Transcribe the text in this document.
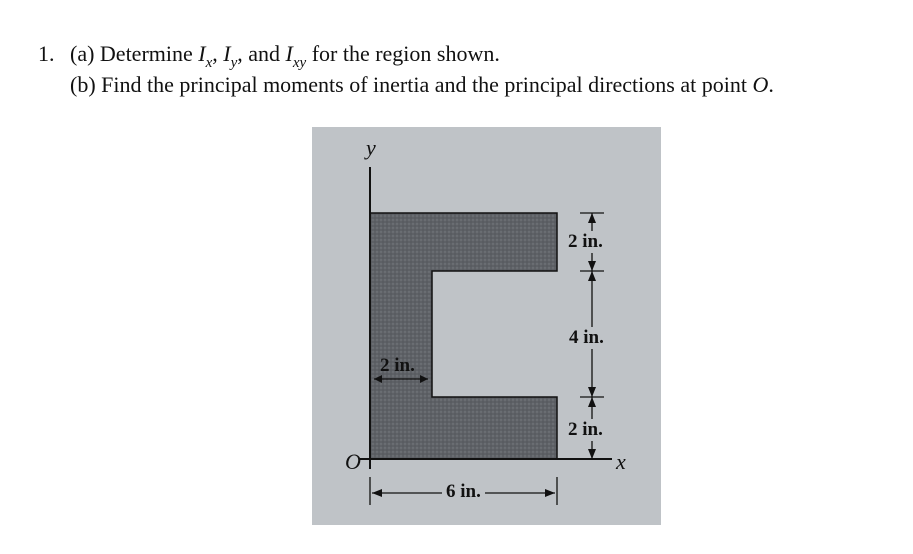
1. (a) Determine $I_x$, $I_y$, and $I_{xy}$ for the region shown.
(b) Find the principal moments of inertia and the principal directions at point O.
y
x
O
2 in.
4 in.
2 in.
2 in.
6 in.
